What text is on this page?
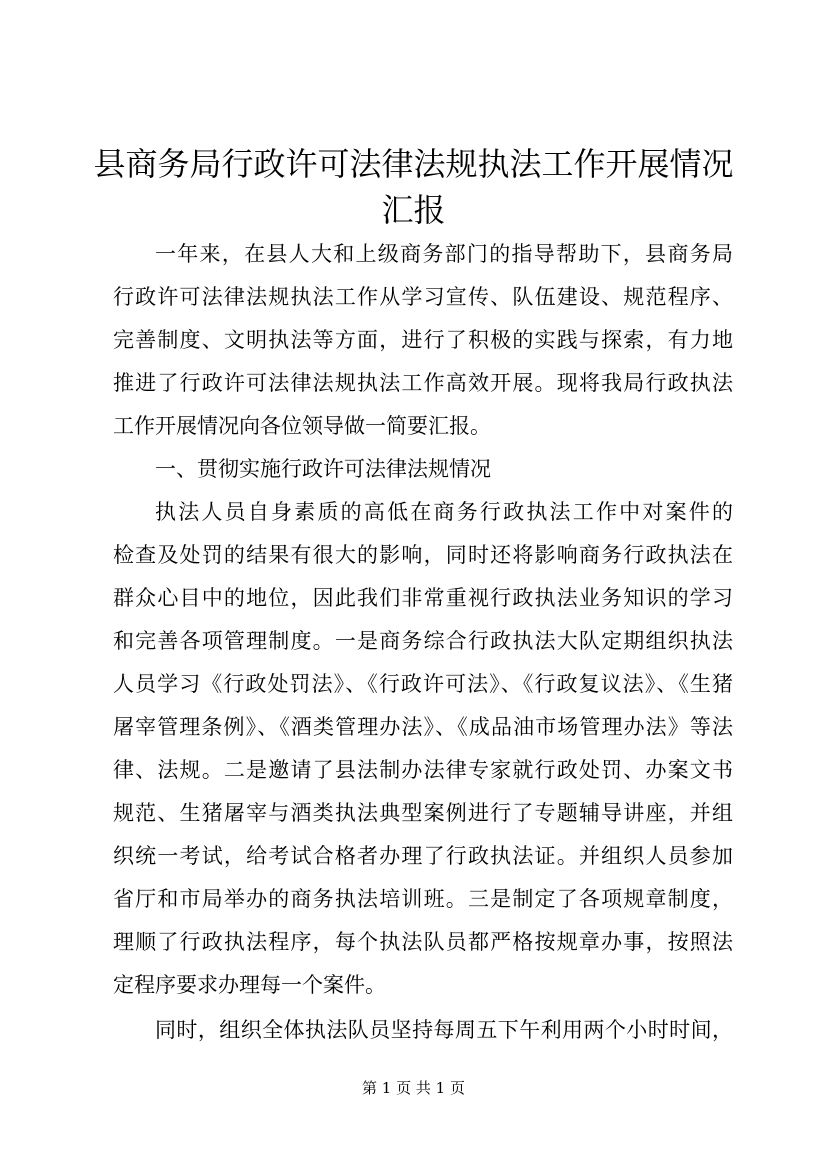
县商务局行政许可法律法规执法工作开展情况
汇报

一年来，在县人大和上级商务部门的指导帮助下，县商务局

行政许可法律法规执法工作从学习宣传、队伍建设、规范程序、

完善制度、文明执法等方面，进行了积极的实践与探索，有力地

推进了行政许可法律法规执法工作高效开展。现将我局行政执法

工作开展情况向各位领导做一简要汇报。

一、贯彻实施行政许可法律法规情况

执法人员自身素质的高低在商务行政执法工作中对案件的

检查及处罚的结果有很大的影响，同时还将影响商务行政执法在

群众心目中的地位，因此我们非常重视行政执法业务知识的学习

和完善各项管理制度。一是商务综合行政执法大队定期组织执法

人员学习《行政处罚法》、《行政许可法》、《行政复议法》、《生猪

屠宰管理条例》、《酒类管理办法》、《成品油市场管理办法》等法

律、法规。二是邀请了县法制办法律专家就行政处罚、办案文书

规范、生猪屠宰与酒类执法典型案例进行了专题辅导讲座，并组

织统一考试，给考试合格者办理了行政执法证。并组织人员参加

省厅和市局举办的商务执法培训班。三是制定了各项规章制度，

理顺了行政执法程序，每个执法队员都严格按规章办事，按照法

定程序要求办理每一个案件。

同时，组织全体执法队员坚持每周五下午利用两个小时时间，

第 1 页 共 1 页
